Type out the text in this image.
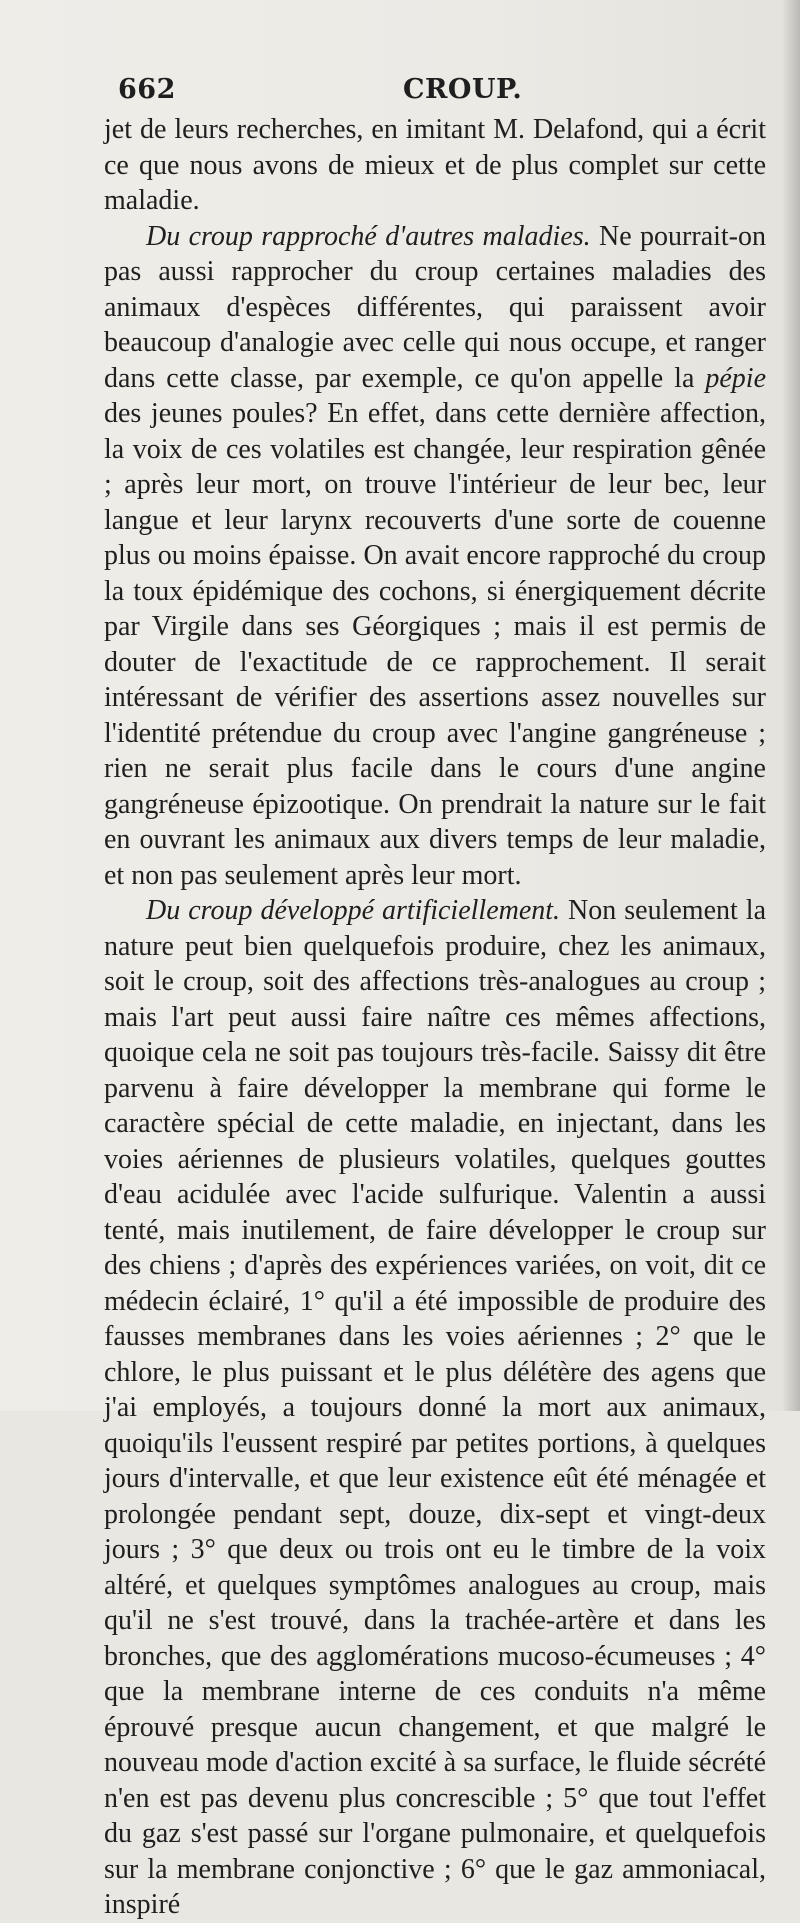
662	CROUP.

jet de leurs recherches, en imitant M. Delafond, qui a écrit ce que nous avons de mieux et de plus complet sur cette maladie.

Du croup rapproché d'autres maladies. Ne pourrait-on pas aussi rapprocher du croup certaines maladies des animaux d'espèces différentes, qui paraissent avoir beaucoup d'analogie avec celle qui nous occupe, et ranger dans cette classe, par exemple, ce qu'on appelle la pépie des jeunes poules? En effet, dans cette dernière affection, la voix de ces volatiles est changée, leur respiration gênée ; après leur mort, on trouve l'intérieur de leur bec, leur langue et leur larynx recouverts d'une sorte de couenne plus ou moins épaisse. On avait encore rapproché du croup la toux épidémique des cochons, si énergiquement décrite par Virgile dans ses Géorgiques ; mais il est permis de douter de l'exactitude de ce rapprochement. Il serait intéressant de vérifier des assertions assez nouvelles sur l'identité prétendue du croup avec l'angine gangréneuse ; rien ne serait plus facile dans le cours d'une angine gangréneuse épizootique. On prendrait la nature sur le fait en ouvrant les animaux aux divers temps de leur maladie, et non pas seulement après leur mort.

Du croup développé artificiellement. Non seulement la nature peut bien quelquefois produire, chez les animaux, soit le croup, soit des affections très-analogues au croup ; mais l'art peut aussi faire naître ces mêmes affections, quoique cela ne soit pas toujours très-facile. Saissy dit être parvenu à faire développer la membrane qui forme le caractère spécial de cette maladie, en injectant, dans les voies aériennes de plusieurs volatiles, quelques gouttes d'eau acidulée avec l'acide sulfurique. Valentin a aussi tenté, mais inutilement, de faire développer le croup sur des chiens ; d'après des expériences variées, on voit, dit ce médecin éclairé, 1° qu'il a été impossible de produire des fausses membranes dans les voies aériennes ; 2° que le chlore, le plus puissant et le plus délétère des agens que j'ai employés, a toujours donné la mort aux animaux, quoiqu'ils l'eussent respiré par petites portions, à quelques jours d'intervalle, et que leur existence eût été ménagée et prolongée pendant sept, douze, dix-sept et vingt-deux jours ; 3° que deux ou trois ont eu le timbre de la voix altéré, et quelques symptômes analogues au croup, mais qu'il ne s'est trouvé, dans la trachée-artère et dans les bronches, que des agglomérations mucoso-écumeuses ; 4° que la membrane interne de ces conduits n'a même éprouvé presque aucun changement, et que malgré le nouveau mode d'action excité à sa surface, le fluide sécrété n'en est pas devenu plus concrescible ; 5° que tout l'effet du gaz s'est passé sur l'organe pulmonaire, et quelquefois sur la membrane conjonctive ; 6° que le gaz ammoniacal, inspiré
